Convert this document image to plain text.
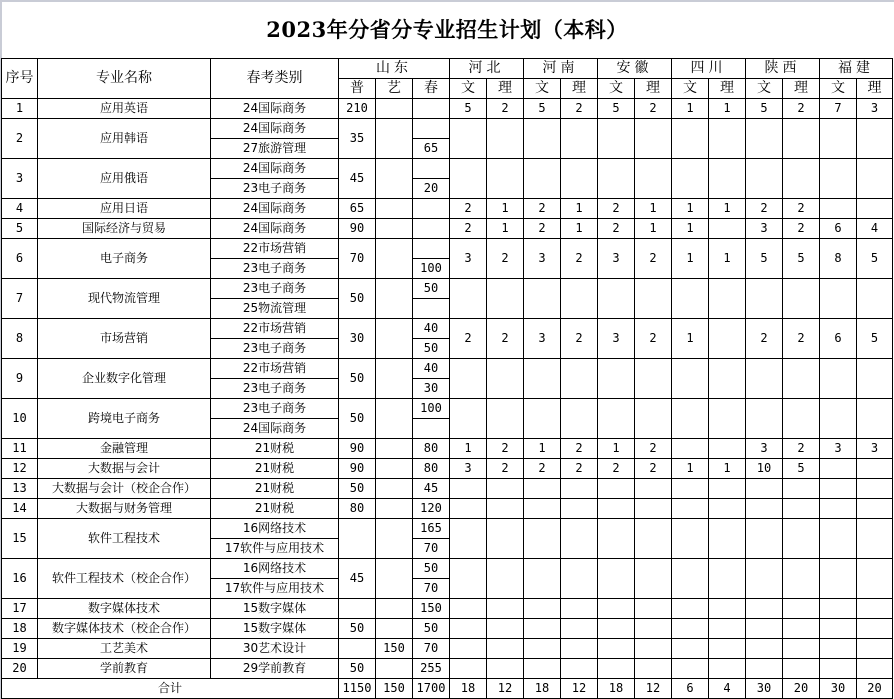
2023年分省分专业招生计划（本科）
序号	专业名称	春考类别	山东			河北		河南		安徽		四川		陕西		福建	
			普	艺	春	文	理	文	理	文	理	文	理	文	理	文	理
1	应用英语	24国际商务	210			5	2	5	2	5	2	1	1	5	2	7	3
2	应用韩语	24国际商务	35														
		27旅游管理			65												
3	应用俄语	24国际商务	45														
		23电子商务			20												
4	应用日语	24国际商务	65			2	1	2	1	2	1	1	1	2	2		
5	国际经济与贸易	24国际商务	90			2	1	2	1	2	1	1		3	2	6	4
6	电子商务	22市场营销	70			3	2	3	2	3	2	1	1	5	5	8	5
		23电子商务			100												
7	现代物流管理	23电子商务	50		50												
		25物流管理															
8	市场营销	22市场营销	30		40	2	2	3	2	3	2	1		2	2	6	5
		23电子商务			50												
9	企业数字化管理	22市场营销	50		40												
		23电子商务			30												
10	跨境电子商务	23电子商务	50		100												
		24国际商务															
11	金融管理	21财税	90		80	1	2	1	2	1	2			3	2	3	3
12	大数据与会计	21财税	90		80	3	2	2	2	2	2	1	1	10	5		
13	大数据与会计（校企合作）	21财税	50		45												
14	大数据与财务管理	21财税	80		120												
15	软件工程技术	16网络技术			165												
		17软件与应用技术			70												
16	软件工程技术（校企合作）	16网络技术	45		50												
		17软件与应用技术			70												
17	数字媒体技术	15数字媒体			150												
18	数字媒体技术（校企合作）	15数字媒体	50		50												
19	工艺美术	30艺术设计		150	70												
20	学前教育	29学前教育	50		255												
合计			1150	150	1700	18	12	18	12	18	12	6	4	30	20	30	20
